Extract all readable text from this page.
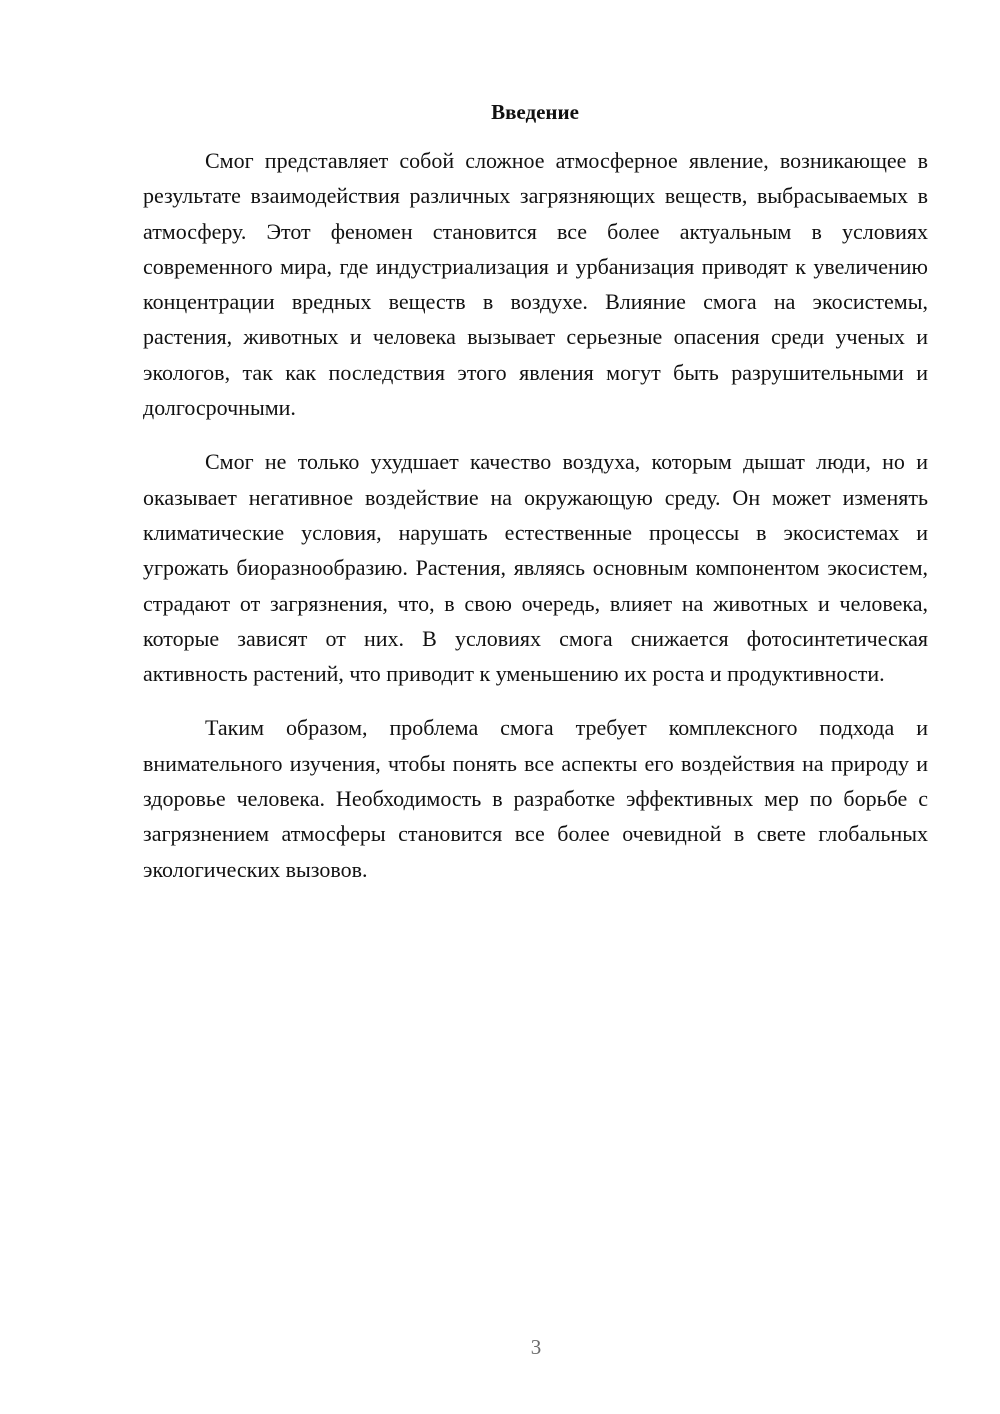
Введение

Смог представляет собой сложное атмосферное явление, возникающее в результате взаимодействия различных загрязняющих веществ, выбрасываемых в атмосферу. Этот феномен становится все более актуальным в условиях современного мира, где индустриализация и урбанизация приводят к увеличению концентрации вредных веществ в воздухе. Влияние смога на экосистемы, растения, животных и человека вызывает серьезные опасения среди ученых и экологов, так как последствия этого явления могут быть разрушительными и долгосрочными.

Смог не только ухудшает качество воздуха, которым дышат люди, но и оказывает негативное воздействие на окружающую среду. Он может изменять климатические условия, нарушать естественные процессы в экосистемах и угрожать биоразнообразию. Растения, являясь основным компонентом экосистем, страдают от загрязнения, что, в свою очередь, влияет на животных и человека, которые зависят от них. В условиях смога снижается фотосинтетическая активность растений, что приводит к уменьшению их роста и продуктивности.

Таким образом, проблема смога требует комплексного подхода и внимательного изучения, чтобы понять все аспекты его воздействия на природу и здоровье человека. Необходимость в разработке эффективных мер по борьбе с загрязнением атмосферы становится все более очевидной в свете глобальных экологических вызовов.

3
